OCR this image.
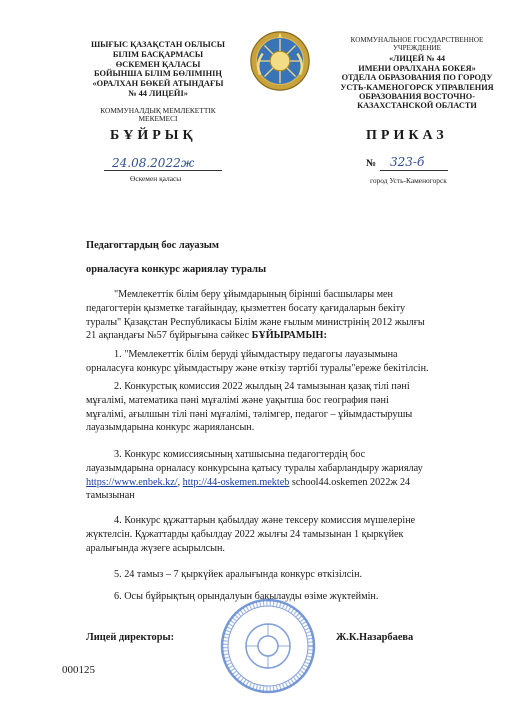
ШЫҒЫС ҚАЗАҚСТАН ОБЛЫСЫ
БІЛІМ БАСҚАРМАСЫ
ӨСКЕМЕН ҚАЛАСЫ
БОЙЫНША БІЛІМ БӨЛІМІНІҢ
«ОРАЛХАН БӨКЕЙ АТЫНДАҒЫ
№ 44 ЛИЦЕЙІ»
КОММУНАЛДЫҚ МЕМЛЕКЕТТІК
МЕКЕМЕСІ
КОММУНАЛЬНОЕ ГОСУДАРСТВЕННОЕ
УЧРЕЖДЕНИЕ
«ЛИЦЕЙ № 44
ИМЕНИ ОРАЛХАНА БОКЕЯ»
ОТДЕЛА ОБРАЗОВАНИЯ ПО ГОРОДУ
УСТЬ-КАМЕНОГОРСК УПРАВЛЕНИЯ
ОБРАЗОВАНИЯ ВОСТОЧНО-
КАЗАХСТАНСКОЙ ОБЛАСТИ
БҰЙРЫҚ	ПРИКАЗ
24.08.2022ж
Өскемен қаласы
№ 323-б
город Усть-Каменогорск
Педагогтардың бос лауазым
орналасуға конкурс жариялау туралы
"Мемлекеттік білім беру ұйымдарының бірінші басшылары мен
педагогтерін қызметке тағайындау, қызметтен босату қағидаларын бекіту
туралы" Қазақстан Республикасы Білім және ғылым министрінің 2012 жылғы
21 ақпандағы №57 бұйрығына сәйкес БҰЙЫРАМЫН:
1. "Мемлекеттік білім беруді ұйымдастыру педагогы лауазымына
орналасуға конкурс ұйымдастыру және өткізу тәртібі туралы"ереже бекітілсін.
2. Конкурстық комиссия 2022 жылдың 24 тамызынан қазақ тілі пәні
мұғалімі, математика пәні мұғалімі және уақытша бос география пәні
мұғалімі, ағылшын тілі пәні мұғалімі, тәлімгер, педагог – ұйымдастырушы
лауазымдарына конкурс жариялансын.
3. Конкурс комиссиясының хатшысына педагогтердің бос
лауазымдарына орналасу конкурсына қатысу туралы хабарландыру жариялау
https://www.enbek.kz/, http://44-oskemen.mekteb school44.oskemen 2022ж 24
тамызынан
4. Конкурс құжаттарын қабылдау және тексеру комиссия мүшелеріне
жүктелсін. Құжаттарды қабылдау 2022 жылғы 24 тамызынан 1 қыркүйек
аралығында жүзеге асырылсын.
5. 24 тамыз – 7 қыркүйек аралығында конкурс өткізілсін.
6. Осы бұйрықтың орындалуын бақылауды өзіме жүктеймін.
Лицей директоры:	Ж.К.Назарбаева
000125
